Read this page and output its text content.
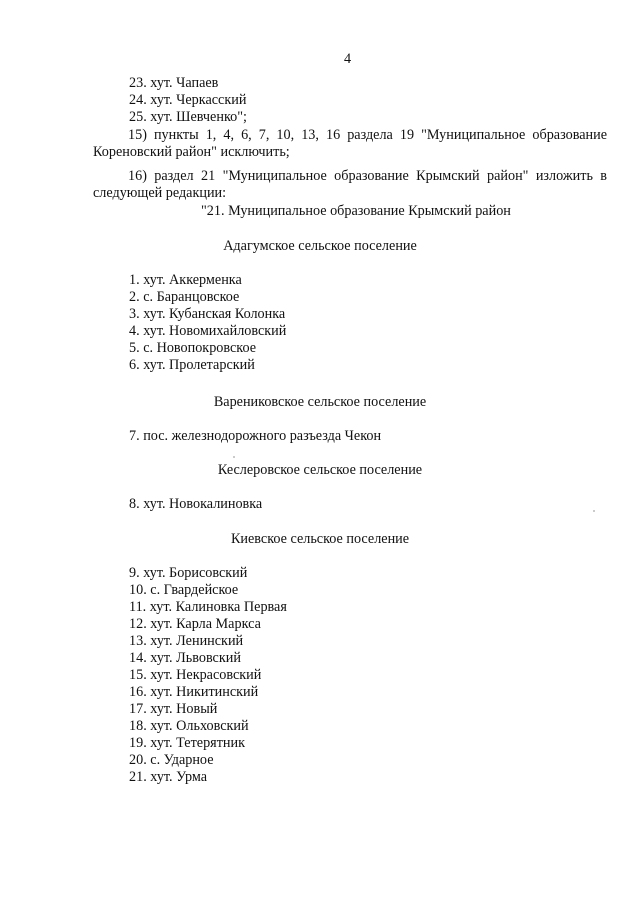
4
23. хут. Чапаев
24. хут. Черкасский
25. хут. Шевченко";
15) пункты 1, 4, 6, 7, 10, 13, 16 раздела 19 "Муниципальное образование
Кореновский район" исключить;
16) раздел 21 "Муниципальное образование Крымский район" изложить в
следующей редакции:
"21. Муниципальное образование Крымский район
Адагумское сельское поселение
1. хут. Аккерменка
2. с. Баранцовское
3. хут. Кубанская Колонка
4. хут. Новомихайловский
5. с. Новопокровское
6. хут. Пролетарский
Варениковское сельское поселение
7. пос. железнодорожного разъезда Чекон
Кеслеровское сельское поселение
8. хут. Новокалиновка
Киевское сельское поселение
9. хут. Борисовский
10. с. Гвардейское
11. хут. Калиновка Первая
12. хут. Карла Маркса
13. хут. Ленинский
14. хут. Львовский
15. хут. Некрасовский
16. хут. Никитинский
17. хут. Новый
18. хут. Ольховский
19. хут. Тетерятник
20. с. Ударное
21. хут. Урма
